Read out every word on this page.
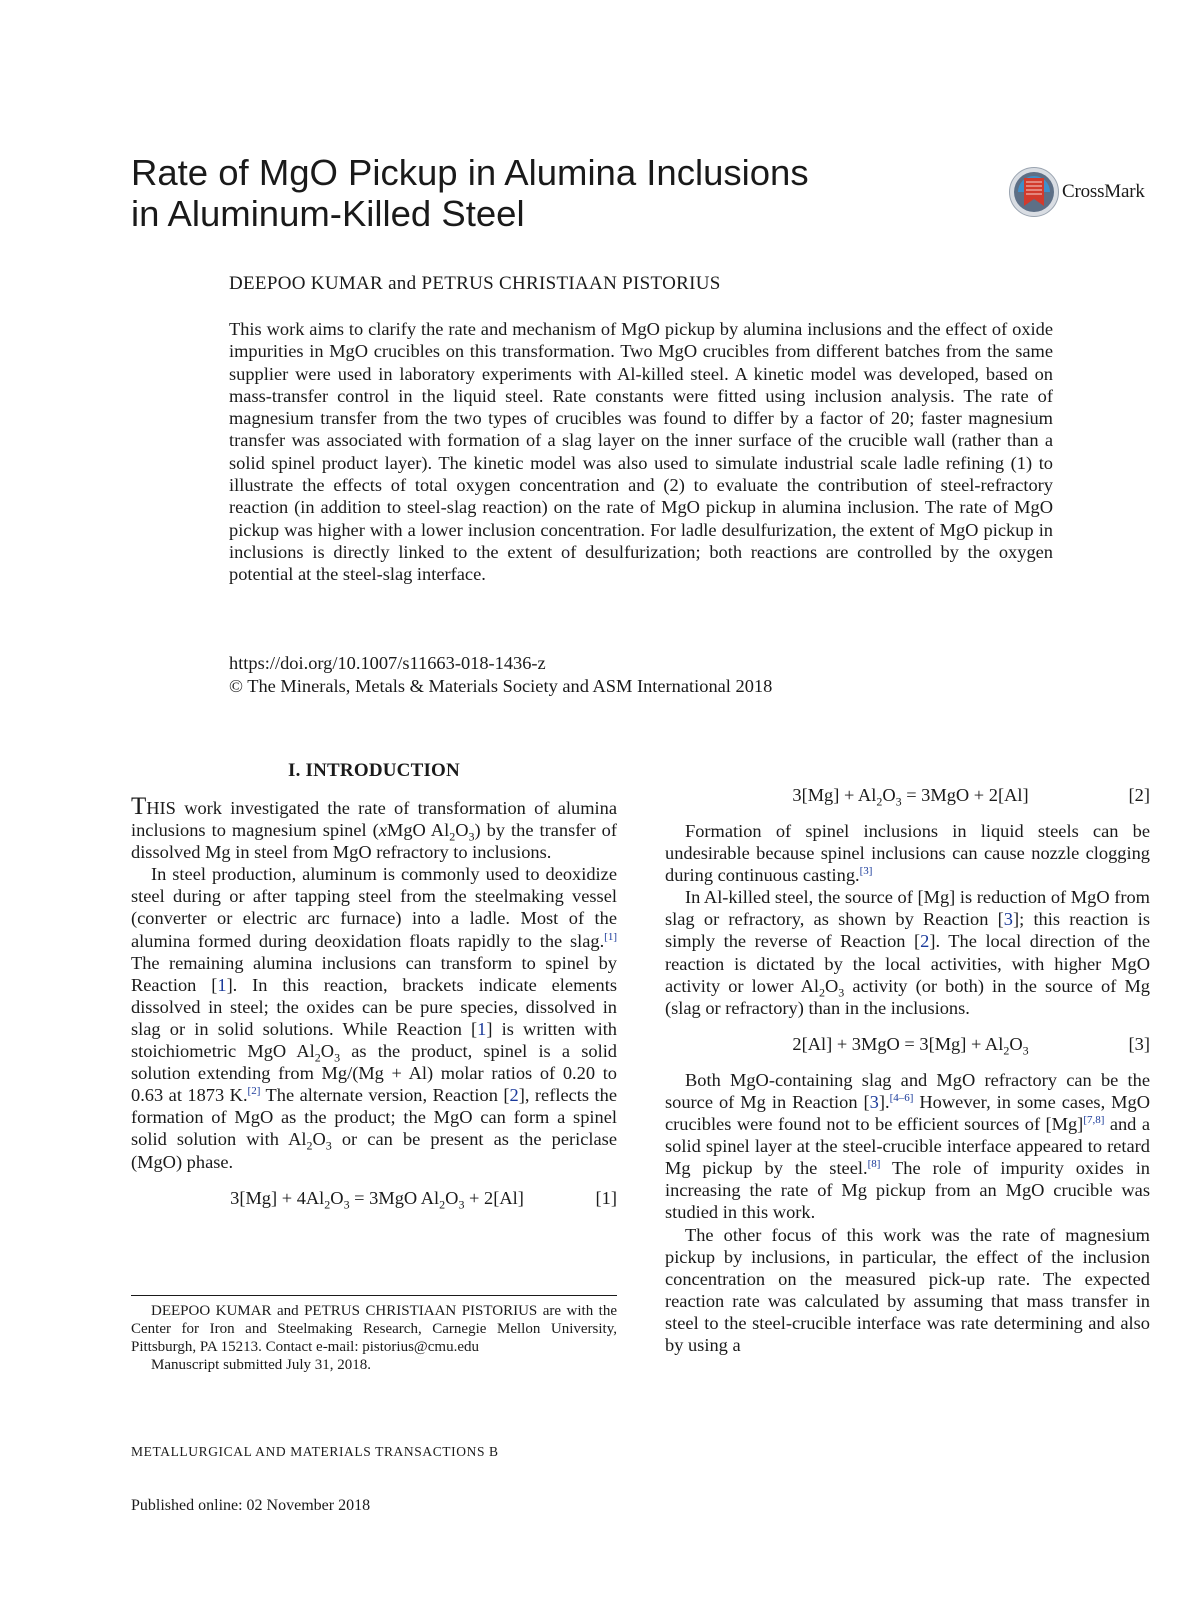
Rate of MgO Pickup in Alumina Inclusions
in Aluminum-Killed Steel
CrossMark
DEEPOO KUMAR and PETRUS CHRISTIAAN PISTORIUS

This work aims to clarify the rate and mechanism of MgO pickup by alumina inclusions and the effect of oxide impurities in MgO crucibles on this transformation. Two MgO crucibles from different batches from the same supplier were used in laboratory experiments with Al-killed steel. A kinetic model was developed, based on mass-transfer control in the liquid steel. Rate constants were fitted using inclusion analysis. The rate of magnesium transfer from the two types of crucibles was found to differ by a factor of 20; faster magnesium transfer was associated with formation of a slag layer on the inner surface of the crucible wall (rather than a solid spinel product layer). The kinetic model was also used to simulate industrial scale ladle refining (1) to illustrate the effects of total oxygen concentration and (2) to evaluate the contribution of steel-refractory reaction (in addition to steel-slag reaction) on the rate of MgO pickup in alumina inclusion. The rate of MgO pickup was higher with a lower inclusion concentration. For ladle desulfurization, the extent of MgO pickup in inclusions is directly linked to the extent of desulfurization; both reactions are controlled by the oxygen potential at the steel-slag interface.

https://doi.org/10.1007/s11663-018-1436-z
© The Minerals, Metals & Materials Society and ASM International 2018
I. INTRODUCTION

THIS work investigated the rate of transformation of alumina inclusions to magnesium spinel (xMgO $Al_2O_3$) by the transfer of dissolved Mg in steel from MgO refractory to inclusions.

In steel production, aluminum is commonly used to deoxidize steel during or after tapping steel from the steelmaking vessel (converter or electric arc furnace) into a ladle. Most of the alumina formed during deoxidation floats rapidly to the slag.[1] The remaining alumina inclusions can transform to spinel by Reaction [1]. In this reaction, brackets indicate elements dissolved in steel; the oxides can be pure species, dissolved in slag or in solid solutions. While Reaction [1] is written with stoichiometric MgO $Al_2O_3$ as the product, spinel is a solid solution extending from Mg/(Mg + Al) molar ratios of 0.20 to 0.63 at 1873 K.[2] The alternate version, Reaction [2], reflects the formation of MgO as the product; the MgO can form a spinel solid solution with $Al_2O_3$ or can be present as the periclase (MgO) phase.

$3[Mg] + 4Al_2O_3 = 3MgO$ $Al_2O_3 + 2[Al]$	[1]
$3[Mg] + Al_2O_3 = 3MgO + 2[Al]$	[2]

Formation of spinel inclusions in liquid steels can be undesirable because spinel inclusions can cause nozzle clogging during continuous casting.[3]

In Al-killed steel, the source of [Mg] is reduction of MgO from slag or refractory, as shown by Reaction [3]; this reaction is simply the reverse of Reaction [2]. The local direction of the reaction is dictated by the local activities, with higher MgO activity or lower $Al_2O_3$ activity (or both) in the source of Mg (slag or refractory) than in the inclusions.

$2[Al] + 3MgO = 3[Mg] + Al_2O_3$	[3]

Both MgO-containing slag and MgO refractory can be the source of Mg in Reaction [3].[4–6] However, in some cases, MgO crucibles were found not to be efficient sources of [Mg][7,8] and a solid spinel layer at the steel-crucible interface appeared to retard Mg pickup by the steel.[8] The role of impurity oxides in increasing the rate of Mg pickup from an MgO crucible was studied in this work.

The other focus of this work was the rate of magnesium pickup by inclusions, in particular, the effect of the inclusion concentration on the measured pick-up rate. The expected reaction rate was calculated by assuming that mass transfer in steel to the steel-crucible interface was rate determining and also by using a

DEEPOO KUMAR and PETRUS CHRISTIAAN PISTORIUS are with the Center for Iron and Steelmaking Research, Carnegie Mellon University, Pittsburgh, PA 15213. Contact e-mail: pistorius@cmu.edu

Manuscript submitted July 31, 2018.

METALLURGICAL AND MATERIALS TRANSACTIONS B
Published online: 02 November 2018
